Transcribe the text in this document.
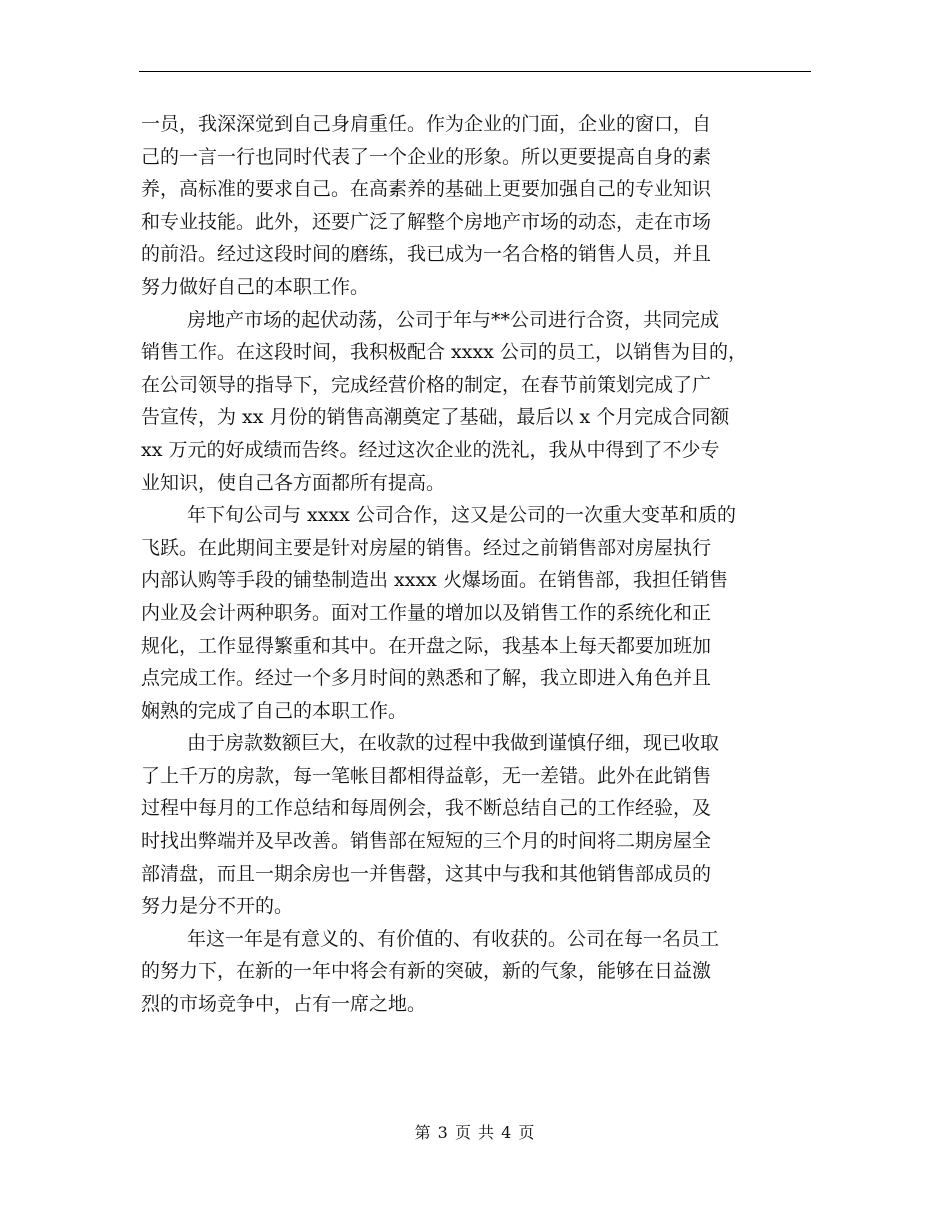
一员，我深深觉到自己身肩重任。作为企业的门面，企业的窗口，自
己的一言一行也同时代表了一个企业的形象。所以更要提高自身的素
养，高标准的要求自己。在高素养的基础上更要加强自己的专业知识
和专业技能。此外，还要广泛了解整个房地产市场的动态，走在市场
的前沿。经过这段时间的磨练，我已成为一名合格的销售人员，并且
努力做好自己的本职工作。
房地产市场的起伏动荡，公司于年与**公司进行合资，共同完成
销售工作。在这段时间，我积极配合 xxxx 公司的员工，以销售为目的，
在公司领导的指导下，完成经营价格的制定，在春节前策划完成了广
告宣传，为 xx 月份的销售高潮奠定了基础，最后以 x 个月完成合同额
xx 万元的好成绩而告终。经过这次企业的洗礼，我从中得到了不少专
业知识，使自己各方面都所有提高。
年下旬公司与 xxxx 公司合作，这又是公司的一次重大变革和质的
飞跃。在此期间主要是针对房屋的销售。经过之前销售部对房屋执行
内部认购等手段的铺垫制造出 xxxx 火爆场面。在销售部，我担任销售
内业及会计两种职务。面对工作量的增加以及销售工作的系统化和正
规化，工作显得繁重和其中。在开盘之际，我基本上每天都要加班加
点完成工作。经过一个多月时间的熟悉和了解，我立即进入角色并且
娴熟的完成了自己的本职工作。
由于房款数额巨大，在收款的过程中我做到谨慎仔细，现已收取
了上千万的房款，每一笔帐目都相得益彰，无一差错。此外在此销售
过程中每月的工作总结和每周例会，我不断总结自己的工作经验，及
时找出弊端并及早改善。销售部在短短的三个月的时间将二期房屋全
部清盘，而且一期余房也一并售罄，这其中与我和其他销售部成员的
努力是分不开的。
年这一年是有意义的、有价值的、有收获的。公司在每一名员工
的努力下，在新的一年中将会有新的突破，新的气象，能够在日益激
烈的市场竞争中，占有一席之地。
第 3 页 共 4 页
